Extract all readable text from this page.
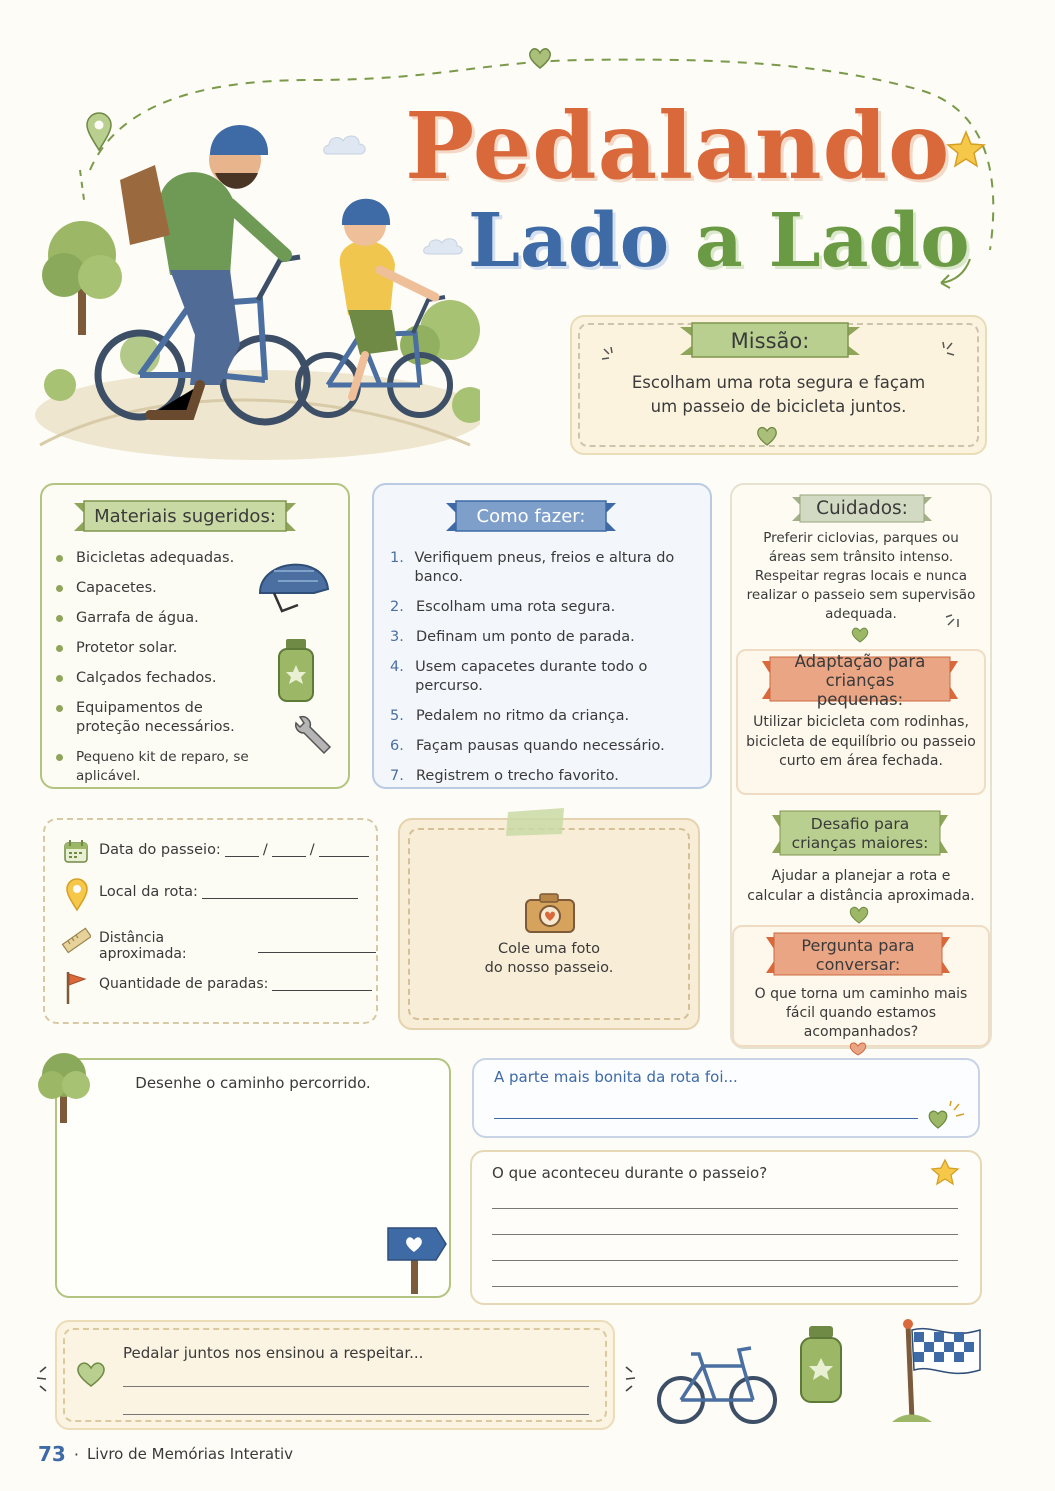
Pedalando
Lado a Lado
Missão:
Escolham uma rota segura e façam
um passeio de bicicleta juntos.
Materiais sugeridos:
Bicicletas adequadas.
Capacetes.
Garrafa de água.
Protetor solar.
Calçados fechados.
Equipamentos de proteção necessários.
Pequeno kit de reparo, se aplicável.
Como fazer:
1. Verifiquem pneus, freios e altura do banco.
2. Escolham uma rota segura.
3. Definam um ponto de parada.
4. Usem capacetes durante todo o percurso.
5. Pedalem no ritmo da criança.
6. Façam pausas quando necessário.
7. Registrem o trecho favorito.
Cuidados:
Preferir ciclovias, parques ou áreas sem trânsito intenso. Respeitar regras locais e nunca realizar o passeio sem supervisão adequada.
Adaptação para crianças pequenas:
Utilizar bicicleta com rodinhas, bicicleta de equilíbrio ou passeio curto em área fechada.
Desafio para crianças maiores:
Ajudar a planejar a rota e calcular a distância aproximada.
Pergunta para conversar:
O que torna um caminho mais fácil quando estamos acompanhados?
Data do passeio:	/	/
Local da rota:
Distância aproximada:
Quantidade de paradas:
Cole uma foto
do nosso passeio.
Desenhe o caminho percorrido.	A parte mais bonita da rota foi...
O que aconteceu durante o passeio?
Pedalar juntos nos ensinou a respeitar...
73 · Livro de Memórias Interativ
